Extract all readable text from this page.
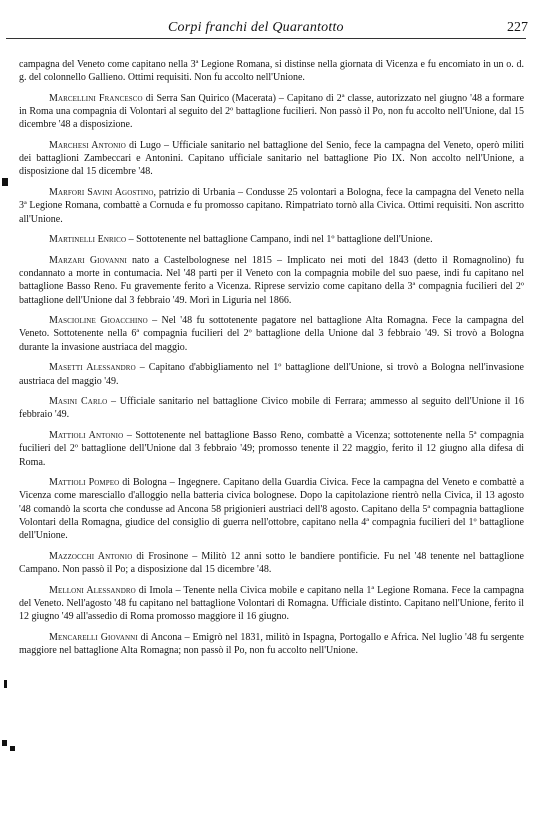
Corpi franchi del Quarantotto	227

campagna del Veneto come capitano nella 3ª Legione Romana, si distinse nella giornata di Vicenza e fu encomiato in un o. d. g. del colonnello Gallieno. Ottimi requisiti. Non fu accolto nell'Unione.

Marcellini Francesco di Serra San Quirico (Macerata) – Capitano di 2ª classe, autorizzato nel giugno '48 a formare in Roma una compagnia di Volontari al seguito del 2º battaglione fucilieri. Non passò il Po, non fu accolto nell'Unione, dal 15 dicembre '48 a disposizione.

Marchesi Antonio di Lugo – Ufficiale sanitario nel battaglione del Senio, fece la campagna del Veneto, operò militi dei battaglioni Zambeccari e Antonini. Capitano ufficiale sanitario nel battaglione Pio IX. Non accolto nell'Unione, a disposizione dal 15 dicembre '48.

Marfori Savini Agostino, patrizio di Urbania – Condusse 25 volontari a Bologna, fece la campagna del Veneto nella 3ª Legione Romana, combattè a Cornuda e fu promosso capitano. Rimpatriato tornò alla Civica. Ottimi requisiti. Non ascritto all'Unione.

Martinelli Enrico – Sottotenente nel battaglione Campano, indi nel 1º battaglione dell'Unione.

Marzari Giovanni nato a Castelbolognese nel 1815 – Implicato nei moti del 1843 (detto il Romagnolino) fu condannato a morte in contumacia. Nel '48 partì per il Veneto con la compagnia mobile del suo paese, indi fu capitano nel battaglione Basso Reno. Fu gravemente ferito a Vicenza. Riprese servizio come capitano della 3ª compagnia fucilieri del 2º battaglione dell'Unione dal 3 febbraio '49. Morì in Liguria nel 1866.

Mascioline Gioacchino – Nel '48 fu sottotenente pagatore nel battaglione Alta Romagna. Fece la campagna del Veneto. Sottotenente nella 6ª compagnia fucilieri del 2º battaglione della Unione dal 3 febbraio '49. Si trovò a Bologna durante la invasione austriaca del maggio.

Masetti Alessandro – Capitano d'abbigliamento nel 1º battaglione dell'Unione, si trovò a Bologna nell'invasione austriaca del maggio '49.

Masini Carlo – Ufficiale sanitario nel battaglione Civico mobile di Ferrara; ammesso al seguito dell'Unione il 16 febbraio '49.

Mattioli Antonio – Sottotenente nel battaglione Basso Reno, combattè a Vicenza; sottotenente nella 5ª compagnia fucilieri del 2º battaglione dell'Unione dal 3 febbraio '49; promosso tenente il 22 maggio, ferito il 12 giugno alla difesa di Roma.

Mattioli Pompeo di Bologna – Ingegnere. Capitano della Guardia Civica. Fece la campagna del Veneto e combattè a Vicenza come maresciallo d'alloggio nella batteria civica bolognese. Dopo la capitolazione rientrò nella Civica, il 13 agosto '48 comandò la scorta che condusse ad Ancona 58 prigionieri austriaci dell'8 agosto. Capitano della 5ª compagnia battaglione Volontari della Romagna, giudice del consiglio di guerra nell'ottobre, capitano nella 4ª compagnia fucilieri del 1º battaglione dell'Unione.

Mazzocchi Antonio di Frosinone – Militò 12 anni sotto le bandiere pontificie. Fu nel '48 tenente nel battaglione Campano. Non passò il Po; a disposizione dal 15 dicembre '48.

Melloni Alessandro di Imola – Tenente nella Civica mobile e capitano nella 1ª Legione Romana. Fece la campagna del Veneto. Nell'agosto '48 fu capitano nel battaglione Volontari di Romagna. Ufficiale distinto. Capitano nell'Unione, ferito il 12 giugno '49 all'assedio di Roma promosso maggiore il 16 giugno.

Mencarelli Giovanni di Ancona – Emigrò nel 1831, militò in Ispagna, Portogallo e Africa. Nel luglio '48 fu sergente maggiore nel battaglione Alta Romagna; non passò il Po, non fu accolto nell'Unione.
